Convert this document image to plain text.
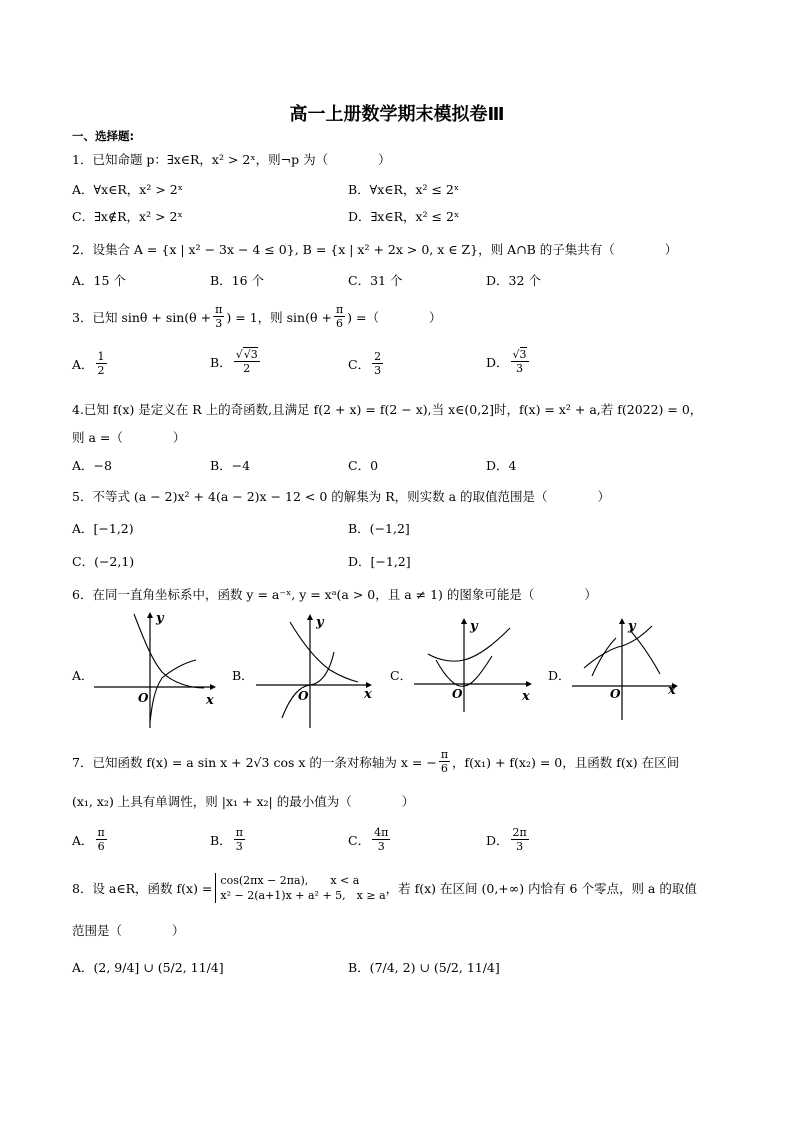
高一上册数学期末模拟卷Ⅲ
一、选择题:
1．已知命题 p：∃x∈R，x² > 2ˣ，则¬p 为（　　　　）
A．∀x∈R，x² > 2ˣ	B．∀x∈R，x² ≤ 2ˣ
C．∃x∉R，x² > 2ˣ	D．∃x∈R，x² ≤ 2ˣ
2．设集合 A = {x | x² − 3x − 4 ≤ 0}, B = {x | x² + 2x > 0, x ∈ Z}，则 A∩B 的子集共有（　　　　）
A．15 个	B．16 个	C．31 个	D．32 个
3．已知 $\sin\theta + \sin(\theta + \frac{\pi}{3}$ ) = 1，则 $\sin(\theta + \frac{\pi}{6}$ ) =（　　　　）
A． $\frac{1}{2}$	B． $\frac{√√ 3}{2}$	C． $\frac{2}{3}$	D． $\frac{√3}{3}$
4.已知 f(x) 是定义在 R 上的奇函数,且满足 f(2 + x) = f(2 − x),当 x∈(0,2]时，f(x) = x² + a,若 f(2022) = 0，
则 a =（　　　　）
A．−8	B．−4	C．0	D．4
5．不等式 (a − 2)x² + 4(a − 2)x − 12 < 0 的解集为 R，则实数 a 的取值范围是（　　　　）
A．[−1,2)	B．(−1,2]
C．(−2,1)	D．[−1,2]
6．在同一直角坐标系中，函数 y = a⁻ˣ, y = xᵃ(a > 0，且 a ≠ 1) 的图象可能是（　　　　）
A．
O	x
y
B．
O	x
y
C．
O	x
y
D．
O	x
y
7．已知函数 f(x) = a sin x + 2√3 cos x 的一条对称轴为 x = − $\frac{\pi}{6}$ ，f(x₁) + f(x₂) = 0，且函数 f(x) 在区间
(x₁, x₂) 上具有单调性，则 |x₁ + x₂| 的最小值为（　　　　）
A． $\frac{\pi}{6}$	B． $\frac{\pi}{3}$	C． $\frac{4\pi}{3}$	D． $\frac{2\pi}{3}$
8．设 a∈R，函数 f(x) =
cos(2πx − 2πa),　　x < a
x² − 2(a+1)x + a² + 5,　x ≥ a ，若 f(x) 在区间 (0,+∞) 内恰有 6 个零点，则 a 的取值
范围是（　　　　）
A．(2, 9/4] ∪ (5/2, 11/4]	B．(7/4, 2) ∪ (5/2, 11/4]
